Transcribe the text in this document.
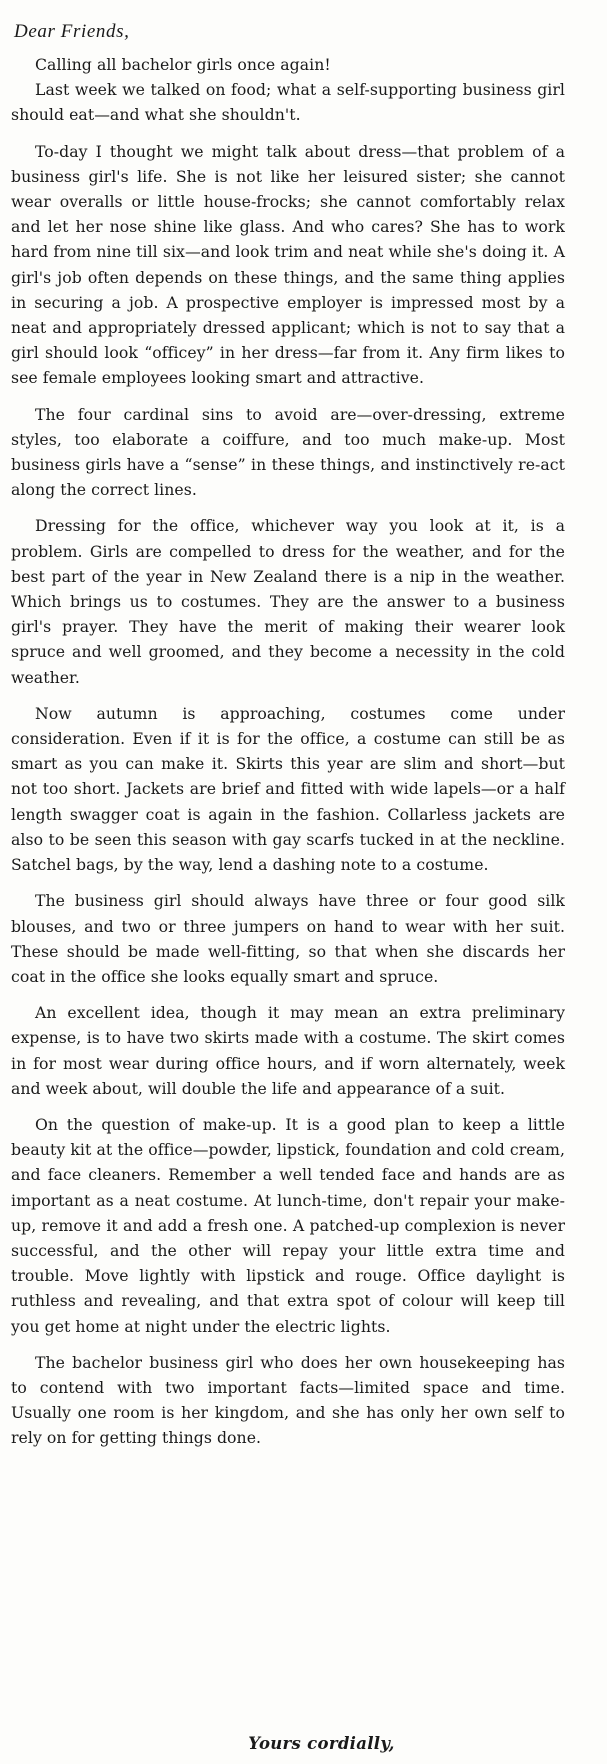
Dear Friends,

Calling all bachelor girls once again!

Last week we talked on food; what a self-supporting business girl should eat—and what she shouldn't.

To-day I thought we might talk about dress—that problem of a business girl's life. She is not like her leisured sister; she cannot wear overalls or little house-frocks; she cannot comfortably relax and let her nose shine like glass. And who cares? She has to work hard from nine till six—and look trim and neat while she's doing it. A girl's job often depends on these things, and the same thing applies in securing a job. A prospective employer is impressed most by a neat and appropriately dressed applicant; which is not to say that a girl should look “officey” in her dress—far from it. Any firm likes to see female employees looking smart and attractive.

The four cardinal sins to avoid are—over-dressing, extreme styles, too elaborate a coiffure, and too much make-up. Most business girls have a “sense” in these things, and instinctively re-act along the correct lines.

Dressing for the office, whichever way you look at it, is a problem. Girls are compelled to dress for the weather, and for the best part of the year in New Zealand there is a nip in the weather. Which brings us to costumes. They are the answer to a business girl's prayer. They have the merit of making their wearer look spruce and well groomed, and they become a necessity in the cold weather.

Now autumn is approaching, costumes come under consideration. Even if it is for the office, a costume can still be as smart as you can make it. Skirts this year are slim and short—but not too short. Jackets are brief and fitted with wide lapels—or a half length swagger coat is again in the fashion. Collarless jackets are also to be seen this season with gay scarfs tucked in at the neckline. Satchel bags, by the way, lend a dashing note to a costume.

The business girl should always have three or four good silk blouses, and two or three jumpers on hand to wear with her suit. These should be made well-fitting, so that when she discards her coat in the office she looks equally smart and spruce.

An excellent idea, though it may mean an extra preliminary expense, is to have two skirts made with a costume. The skirt comes in for most wear during office hours, and if worn alternately, week and week about, will double the life and appearance of a suit.

On the question of make-up. It is a good plan to keep a little beauty kit at the office—powder, lipstick, foundation and cold cream, and face cleaners. Remember a well tended face and hands are as important as a neat costume. At lunch-time, don't repair your make-up, remove it and add a fresh one. A patched-up complexion is never successful, and the other will repay your little extra time and trouble. Move lightly with lipstick and rouge. Office daylight is ruthless and revealing, and that extra spot of colour will keep till you get home at night under the electric lights.

The bachelor business girl who does her own housekeeping has to contend with two important facts—limited space and time. Usually one room is her kingdom, and she has only her own self to rely on for getting things done.

Yours cordially,
